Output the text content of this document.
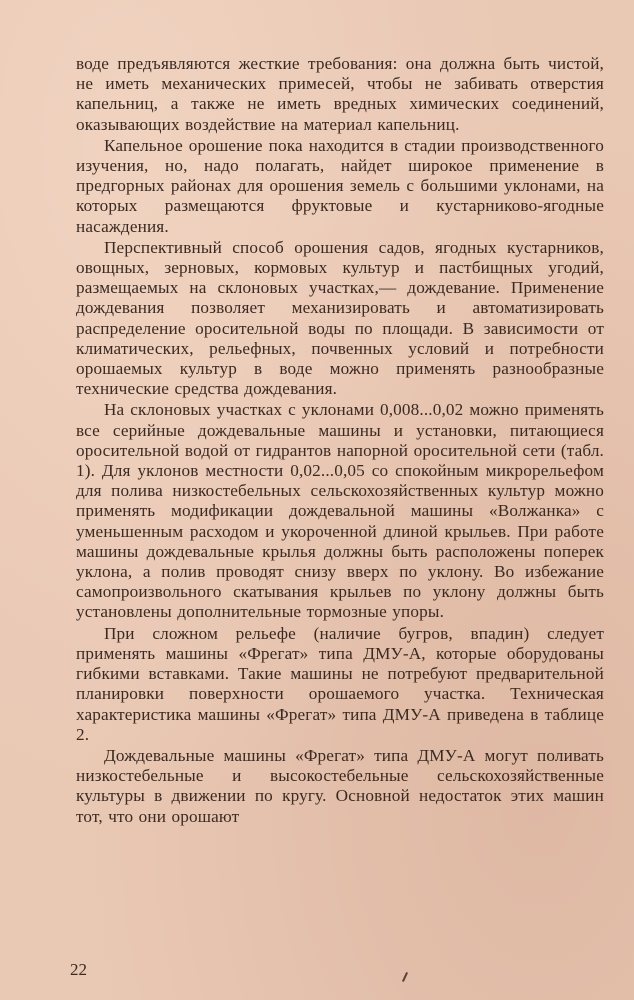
воде предъявляются жесткие требования: она должна быть чистой, не иметь механических примесей, чтобы не забивать отверстия капельниц, а также не иметь вредных химических соединений, оказывающих воздействие на материал капельниц.

Капельное орошение пока находится в стадии производственного изучения, но, надо полагать, найдет широкое применение в предгорных районах для орошения земель с большими уклонами, на которых размещаются фруктовые и кустарниково-ягодные насаждения.

Перспективный способ орошения садов, ягодных кустарников, овощных, зерновых, кормовых культур и пастбищных угодий, размещаемых на склоновых участках,— дождевание. Применение дождевания позволяет механизировать и автоматизировать распределение оросительной воды по площади. В зависимости от климатических, рельефных, почвенных условий и потребности орошаемых культур в воде можно применять разнообразные технические средства дождевания.

На склоновых участках с уклонами 0,008...0,02 можно применять все серийные дождевальные машины и установки, питающиеся оросительной водой от гидрантов напорной оросительной сети (табл. 1). Для уклонов местности 0,02...0,05 со спокойным микрорельефом для полива низкостебельных сельскохозяйственных культур можно применять модификации дождевальной машины «Волжанка» с уменьшенным расходом и укороченной длиной крыльев. При работе машины дождевальные крылья должны быть расположены поперек уклона, а полив проводят снизу вверх по уклону. Во избежание самопроизвольного скатывания крыльев по уклону должны быть установлены дополнительные тормозные упоры.

При сложном рельефе (наличие бугров, впадин) следует применять машины «Фрегат» типа ДМУ-А, которые оборудованы гибкими вставками. Такие машины не потребуют предварительной планировки поверхности орошаемого участка. Техническая характеристика машины «Фрегат» типа ДМУ-А приведена в таблице 2.

Дождевальные машины «Фрегат» типа ДМУ-А могут поливать низкостебельные и высокостебельные сельскохозяйственные культуры в движении по кругу. Основной недостаток этих машин тот, что они орошают

22
